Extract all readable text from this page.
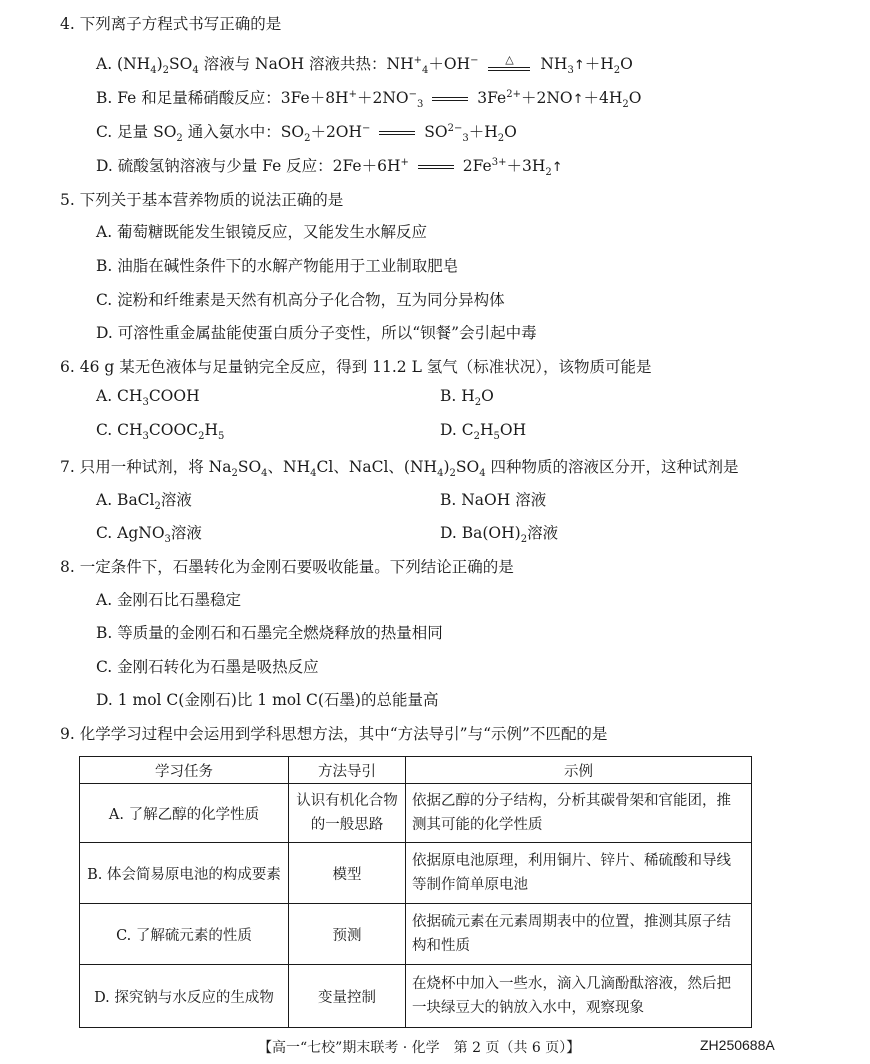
4. 下列离子方程式书写正确的是
A. $(NH_4)_2SO_4$ 溶液与 NaOH 溶液共热：$NH^+_4+OH^-$	△	$NH_3↑+H_2O$
B. Fe 和足量稀硝酸反应：$3Fe+8H^++2NO^-_3$	$3Fe^{2+}+2NO↑+4H_2O$
C. 足量 $SO_2$ 通入氨水中：$SO_2+2OH^-$	$SO^{2-}_3+H_2O$
D. 硫酸氢钠溶液与少量 Fe 反应：2Fe＋6H+	$2Fe^{3+}+3H_2↑$
5. 下列关于基本营养物质的说法正确的是
A. 葡萄糖既能发生银镜反应，又能发生水解反应
B. 油脂在碱性条件下的水解产物能用于工业制取肥皂
C. 淀粉和纤维素是天然有机高分子化合物，互为同分异构体
D. 可溶性重金属盐能使蛋白质分子变性，所以“钡餐”会引起中毒
6. 46 g 某无色液体与足量钠完全反应，得到 11.2 L 氢气（标准状况），该物质可能是
A. $CH_3COOH$	B. $H_2O$
C. $CH_3COOC_2H_5$	D. $C_2H_5OH$
7. 只用一种试剂，将 $Na_2SO_4$、$NH_4Cl$、NaCl、$(NH_4)_2SO_4$ 四种物质的溶液区分开，这种试剂是
A. BaCl$_2$溶液	B. NaOH 溶液
C. AgNO$_3$溶液	D. $Ba(OH)_2$溶液
8. 一定条件下，石墨转化为金刚石要吸收能量。下列结论正确的是
A. 金刚石比石墨稳定
B. 等质量的金刚石和石墨完全燃烧释放的热量相同
C. 金刚石转化为石墨是吸热反应
D. 1 mol C(金刚石)比 1 mol C(石墨)的总能量高
9. 化学学习过程中会运用到学科思想方法，其中“方法导引”与“示例”不匹配的是
学习任务	方法导引	示例
A. 了解乙醇的化学性质	认识有机化合物的一般思路	依据乙醇的分子结构，分析其碳骨架和官能团，推测其可能的化学性质
B. 体会简易原电池的构成要素	模型	依据原电池原理，利用铜片、锌片、稀硫酸和导线等制作简单原电池
C. 了解硫元素的性质	预测	依据硫元素在元素周期表中的位置，推测其原子结构和性质
D. 探究钠与水反应的生成物	变量控制	在烧杯中加入一些水，滴入几滴酚酞溶液，然后把一块绿豆大的钠放入水中，观察现象
【高一“七校”期末联考 · 化学　第 2 页（共 6 页）】	ZH250688A
